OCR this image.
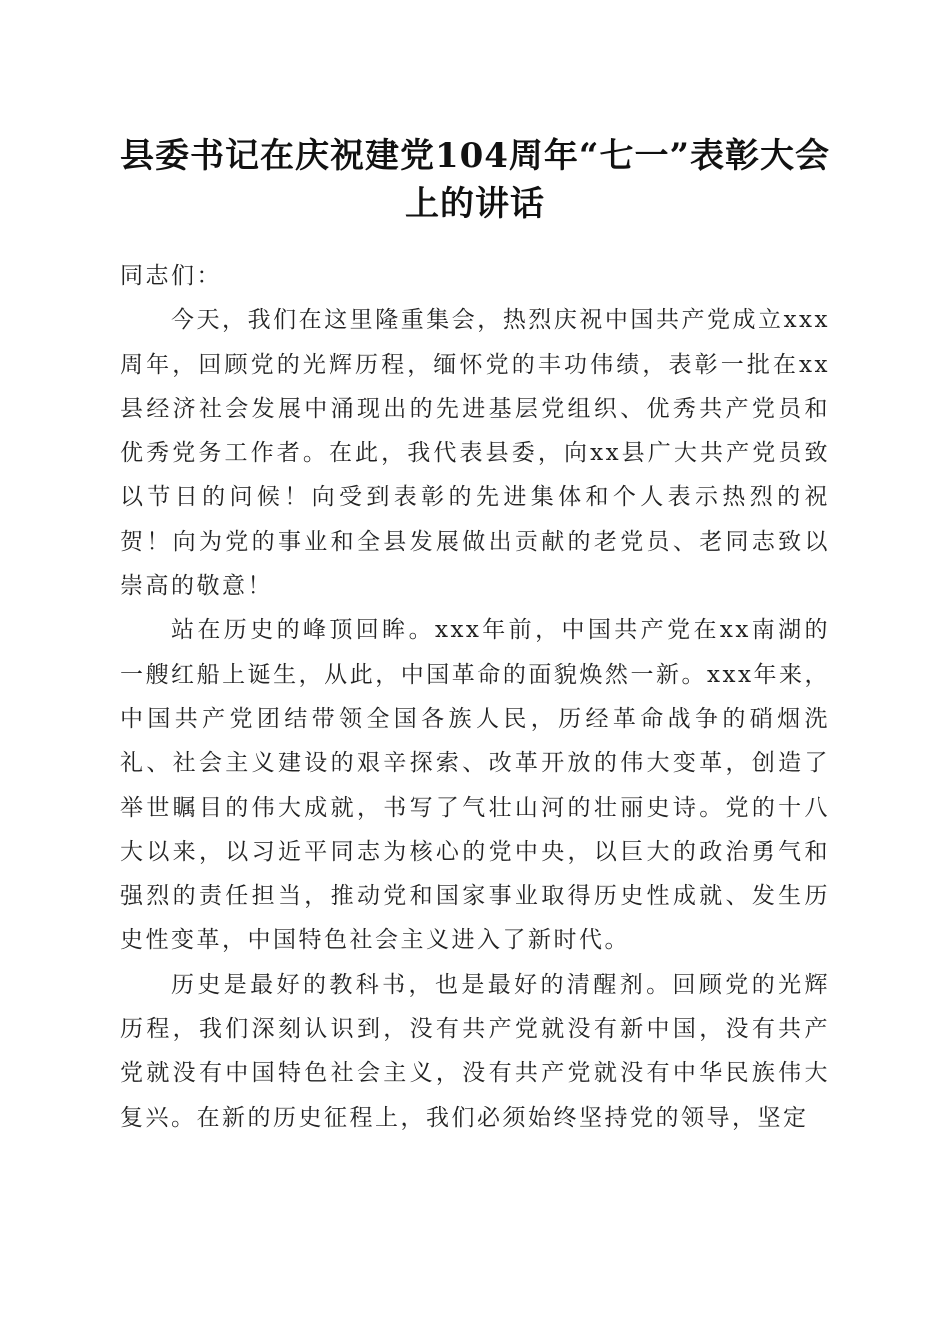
县委书记在庆祝建党104周年“七一”表彰大会上的讲话

同志们：

今天，我们在这里隆重集会，热烈庆祝中国共产党成立xxx周年，回顾党的光辉历程，缅怀党的丰功伟绩，表彰一批在xx县经济社会发展中涌现出的先进基层党组织、优秀共产党员和优秀党务工作者。在此，我代表县委，向xx县广大共产党员致以节日的问候！向受到表彰的先进集体和个人表示热烈的祝贺！向为党的事业和全县发展做出贡献的老党员、老同志致以崇高的敬意！

站在历史的峰顶回眸。xxx年前，中国共产党在xx南湖的一艘红船上诞生，从此，中国革命的面貌焕然一新。xxx年来，中国共产党团结带领全国各族人民，历经革命战争的硝烟洗礼、社会主义建设的艰辛探索、改革开放的伟大变革，创造了举世瞩目的伟大成就，书写了气壮山河的壮丽史诗。党的十八大以来，以习近平同志为核心的党中央，以巨大的政治勇气和强烈的责任担当，推动党和国家事业取得历史性成就、发生历史性变革，中国特色社会主义进入了新时代。

历史是最好的教科书，也是最好的清醒剂。回顾党的光辉历程，我们深刻认识到，没有共产党就没有新中国，没有共产党就没有中国特色社会主义，没有共产党就没有中华民族伟大复兴。在新的历史征程上，我们必须始终坚持党的领导，坚定
